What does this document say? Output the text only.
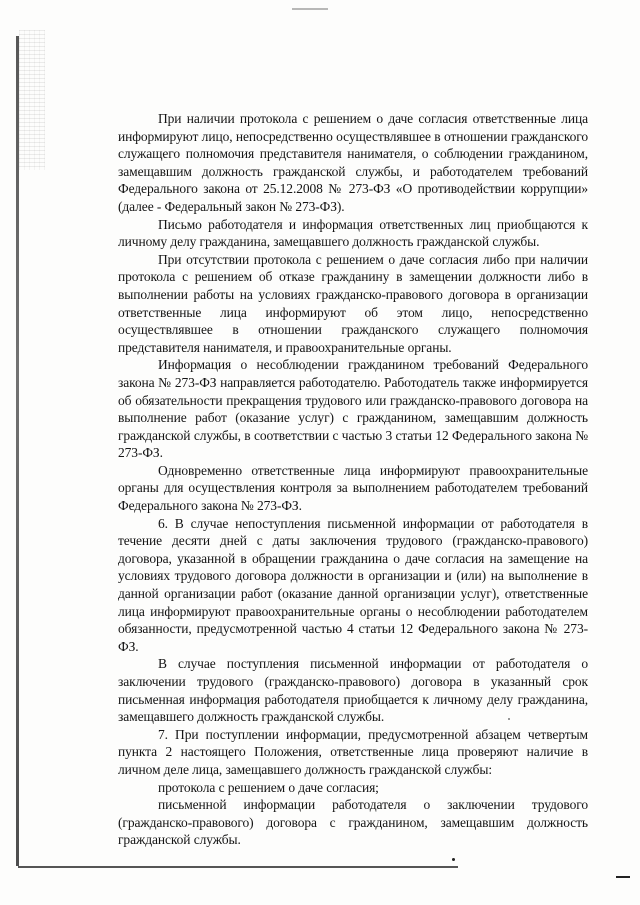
При наличии протокола с решением о даче согласия ответственные лица информируют лицо, непосредственно осуществлявшее в отношении гражданского служащего полномочия представителя нанимателя, о соблюдении гражданином, замещавшим должность гражданской службы, и работодателем требований Федерального закона от 25.12.2008 № 273-ФЗ «О противодействии коррупции» (далее - Федеральный закон № 273-ФЗ).

Письмо работодателя и информация ответственных лиц приобщаются к личному делу гражданина, замещавшего должность гражданской службы.

При отсутствии протокола с решением о даче согласия либо при наличии протокола с решением об отказе гражданину в замещении должности либо в выполнении работы на условиях гражданско-правового договора в организации ответственные лица информируют об этом лицо, непосредственно осуществлявшее в отношении гражданского служащего полномочия представителя нанимателя, и правоохранительные органы.

Информация о несоблюдении гражданином требований Федерального закона № 273-ФЗ направляется работодателю. Работодатель также информируется об обязательности прекращения трудового или гражданско-правового договора на выполнение работ (оказание услуг) с гражданином, замещавшим должность гражданской службы, в соответствии с частью 3 статьи 12 Федерального закона № 273-ФЗ.

Одновременно ответственные лица информируют правоохранительные органы для осуществления контроля за выполнением работодателем требований Федерального закона № 273-ФЗ.

6. В случае непоступления письменной информации от работодателя в течение десяти дней с даты заключения трудового (гражданско-правового) договора, указанной в обращении гражданина о даче согласия на замещение на условиях трудового договора должности в организации и (или) на выполнение в данной организации работ (оказание данной организации услуг), ответственные лица информируют правоохранительные органы о несоблюдении работодателем обязанности, предусмотренной частью 4 статьи 12 Федерального закона № 273-ФЗ.

В случае поступления письменной информации от работодателя о заключении трудового (гражданско-правового) договора в указанный срок письменная информация работодателя приобщается к личному делу гражданина, замещавшего должность гражданской службы.

7. При поступлении информации, предусмотренной абзацем четвертым пункта 2 настоящего Положения, ответственные лица проверяют наличие в личном деле лица, замещавшего должность гражданской службы:

протокола с решением о даче согласия;

письменной информации работодателя о заключении трудового (гражданско-правового) договора с гражданином, замещавшим должность гражданской службы.
